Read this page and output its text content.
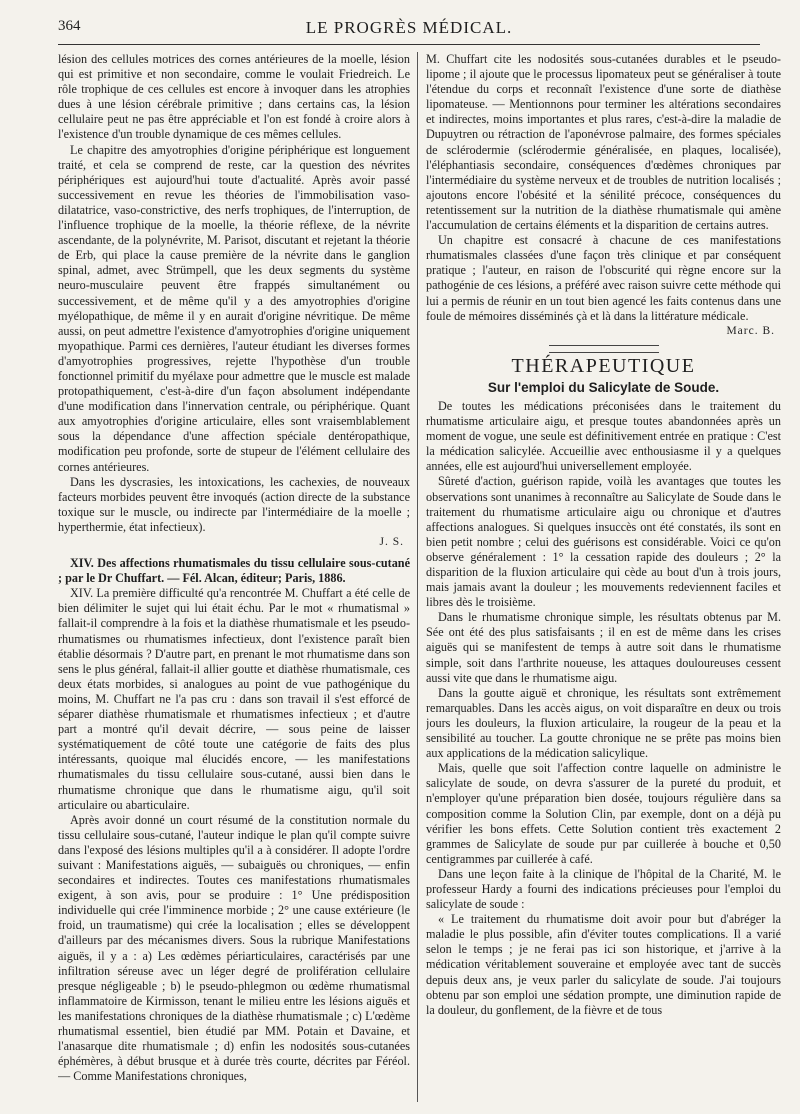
364	LE PROGRÈS MÉDICAL.

lésion des cellules motrices des cornes antérieures de la moelle, lésion qui est primitive et non secondaire, comme le voulait Friedreich. Le rôle trophique de ces cellules est encore à invoquer dans les atrophies dues à une lésion cérébrale primitive ; dans certains cas, la lésion cellulaire peut ne pas être appréciable et l'on est fondé à croire alors à l'existence d'un trouble dynamique de ces mêmes cellules.

Le chapitre des amyotrophies d'origine périphérique est longuement traité, et cela se comprend de reste, car la question des névrites périphériques est aujourd'hui toute d'actualité. Après avoir passé successivement en revue les théories de l'immobilisation vaso-dilatatrice, vaso-constrictive, des nerfs trophiques, de l'interruption, de l'influence trophique de la moelle, la théorie réflexe, de la névrite ascendante, de la polynévrite, M. Parisot, discutant et rejetant la théorie de Erb, qui place la cause première de la névrite dans le ganglion spinal, admet, avec Strümpell, que les deux segments du système neuro-musculaire peuvent être frappés simultanément ou successivement, et de même qu'il y a des amyotrophies d'origine myélopathique, de même il y en aurait d'origine névritique. De même aussi, on peut admettre l'existence d'amyotrophies d'origine uniquement myopathique. Parmi ces dernières, l'auteur étudiant les diverses formes d'amyotrophies progressives, rejette l'hypothèse d'un trouble fonctionnel primitif du myélaxe pour admettre que le muscle est malade protopathiquement, c'est-à-dire d'un façon absolument indépendante d'une modification dans l'innervation centrale, ou périphérique. Quant aux amyotrophies d'origine articulaire, elles sont vraisemblablement sous la dépendance d'une affection spéciale dentéropathique, modification peu profonde, sorte de stupeur de l'élément cellulaire des cornes antérieures.

Dans les dyscrasies, les intoxications, les cachexies, de nouveaux facteurs morbides peuvent être invoqués (action directe de la substance toxique sur le muscle, ou indirecte par l'intermédiaire de la moelle ; hyperthermie, état infectieux).

J. S.

XIV. Des affections rhumatismales du tissu cellulaire sous-cutané ; par le Dr Chuffart. — Fél. Alcan, éditeur; Paris, 1886.

XIV. La première difficulté qu'a rencontrée M. Chuffart a été celle de bien délimiter le sujet qui lui était échu. Par le mot « rhumatismal » fallait-il comprendre à la fois et la diathèse rhumatismale et les pseudo-rhumatismes ou rhumatismes infectieux, dont l'existence paraît bien établie désormais ? D'autre part, en prenant le mot rhumatisme dans son sens le plus général, fallait-il allier goutte et diathèse rhumatismale, ces deux états morbides, si analogues au point de vue pathogénique du moins, M. Chuffart ne l'a pas cru : dans son travail il s'est efforcé de séparer diathèse rhumatismale et rhumatismes infectieux ; et d'autre part a montré qu'il devait décrire, — sous peine de laisser systématiquement de côté toute une catégorie de faits des plus intéressants, quoique mal élucidés encore, — les manifestations rhumatismales du tissu cellulaire sous-cutané, aussi bien dans le rhumatisme chronique que dans le rhumatisme aigu, qu'il soit articulaire ou abarticulaire.

Après avoir donné un court résumé de la constitution normale du tissu cellulaire sous-cutané, l'auteur indique le plan qu'il compte suivre dans l'exposé des lésions multiples qu'il a à considérer. Il adopte l'ordre suivant : Manifestations aiguës, — subaiguës ou chroniques, — enfin secondaires et indirectes. Toutes ces manifestations rhumatismales exigent, à son avis, pour se produire : 1° Une prédisposition individuelle qui crée l'imminence morbide ; 2° une cause extérieure (le froid, un traumatisme) qui crée la localisation ; elles se développent d'ailleurs par des mécanismes divers. Sous la rubrique Manifestations aiguës, il y a : a) Les œdèmes périarticulaires, caractérisés par une infiltration séreuse avec un léger degré de prolifération cellulaire presque négligeable ; b) le pseudo-phlegmon ou œdème rhumatismal inflammatoire de Kirmisson, tenant le milieu entre les lésions aiguës et les manifestations chroniques de la diathèse rhumatismale ; c) L'œdème rhumatismal essentiel, bien étudié par MM. Potain et Davaine, et l'anasarque dite rhumatismale ; d) enfin les nodosités sous-cutanées éphémères, à début brusque et à durée très courte, décrites par Féréol. — Comme Manifestations chroniques,

M. Chuffart cite les nodosités sous-cutanées durables et le pseudo-lipome ; il ajoute que le processus lipomateux peut se généraliser à toute l'étendue du corps et reconnaît l'existence d'une sorte de diathèse lipomateuse. — Mentionnons pour terminer les altérations secondaires et indirectes, moins importantes et plus rares, c'est-à-dire la maladie de Dupuytren ou rétraction de l'aponévrose palmaire, des formes spéciales de sclérodermie (sclérodermie généralisée, en plaques, localisée), l'éléphantiasis secondaire, conséquences d'œdèmes chroniques par l'intermédiaire du système nerveux et de troubles de nutrition localisés ; ajoutons encore l'obésité et la sénilité précoce, conséquences du retentissement sur la nutrition de la diathèse rhumatismale qui amène l'accumulation de certains éléments et la disparition de certains autres.

Un chapitre est consacré à chacune de ces manifestations rhumatismales classées d'une façon très clinique et par conséquent pratique ; l'auteur, en raison de l'obscurité qui règne encore sur la pathogénie de ces lésions, a préféré avec raison suivre cette méthode qui lui a permis de réunir en un tout bien agencé les faits contenus dans une foule de mémoires disséminés çà et là dans la littérature médicale.

Marc. B.
THÉRAPEUTIQUE
Sur l'emploi du Salicylate de Soude.

De toutes les médications préconisées dans le traitement du rhumatisme articulaire aigu, et presque toutes abandonnées après un moment de vogue, une seule est définitivement entrée en pratique : C'est la médication salicylée. Accueillie avec enthousiasme il y a quelques années, elle est aujourd'hui universellement employée.

Sûreté d'action, guérison rapide, voilà les avantages que toutes les observations sont unanimes à reconnaître au Salicylate de Soude dans le traitement du rhumatisme articulaire aigu ou chronique et d'autres affections analogues. Si quelques insuccès ont été constatés, ils sont en bien petit nombre ; celui des guérisons est considérable. Voici ce qu'on observe généralement : 1° la cessation rapide des douleurs ; 2° la disparition de la fluxion articulaire qui cède au bout d'un à trois jours, mais jamais avant la douleur ; les mouvements redeviennent faciles et libres dès le troisième.

Dans le rhumatisme chronique simple, les résultats obtenus par M. Sée ont été des plus satisfaisants ; il en est de même dans les crises aiguës qui se manifestent de temps à autre soit dans le rhumatisme simple, soit dans l'arthrite noueuse, les attaques douloureuses cessent aussi vite que dans le rhumatisme aigu.

Dans la goutte aiguë et chronique, les résultats sont extrêmement remarquables. Dans les accès aigus, on voit disparaître en deux ou trois jours les douleurs, la fluxion articulaire, la rougeur de la peau et la sensibilité au toucher. La goutte chronique ne se prête pas moins bien aux applications de la médication salicylique.

Mais, quelle que soit l'affection contre laquelle on administre le salicylate de soude, on devra s'assurer de la pureté du produit, et n'employer qu'une préparation bien dosée, toujours régulière dans sa composition comme la Solution Clin, par exemple, dont on a déjà pu vérifier les bons effets. Cette Solution contient très exactement 2 grammes de Salicylate de soude pur par cuillerée à bouche et 0,50 centigrammes par cuillerée à café.

Dans une leçon faite à la clinique de l'hôpital de la Charité, M. le professeur Hardy a fourni des indications précieuses pour l'emploi du salicylate de soude :

« Le traitement du rhumatisme doit avoir pour but d'abréger la maladie le plus possible, afin d'éviter toutes complications. Il a varié selon le temps ; je ne ferai pas ici son historique, et j'arrive à la médication véritablement souveraine et employée avec tant de succès depuis deux ans, je veux parler du salicylate de soude. J'ai toujours obtenu par son emploi une sédation prompte, une diminution rapide de la douleur, du gonflement, de la fièvre et de tous
